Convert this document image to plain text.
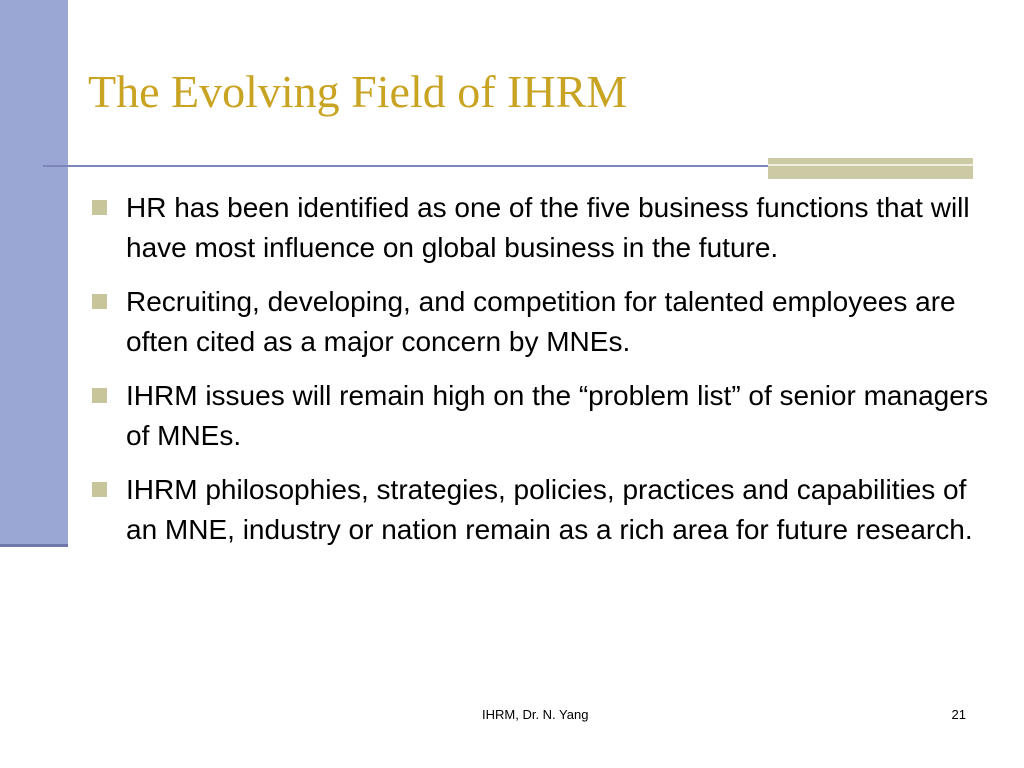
The Evolving Field of IHRM
HR has been identified as one of the five business functions that will have most influence on global business in the future.
Recruiting, developing, and competition for talented employees are often cited as a major concern by MNEs.
IHRM issues will remain high on the “problem list” of senior managers of MNEs.
IHRM philosophies, strategies, policies, practices and capabilities of an MNE, industry or nation remain as a rich area for future research.
IHRM, Dr. N. Yang	21
